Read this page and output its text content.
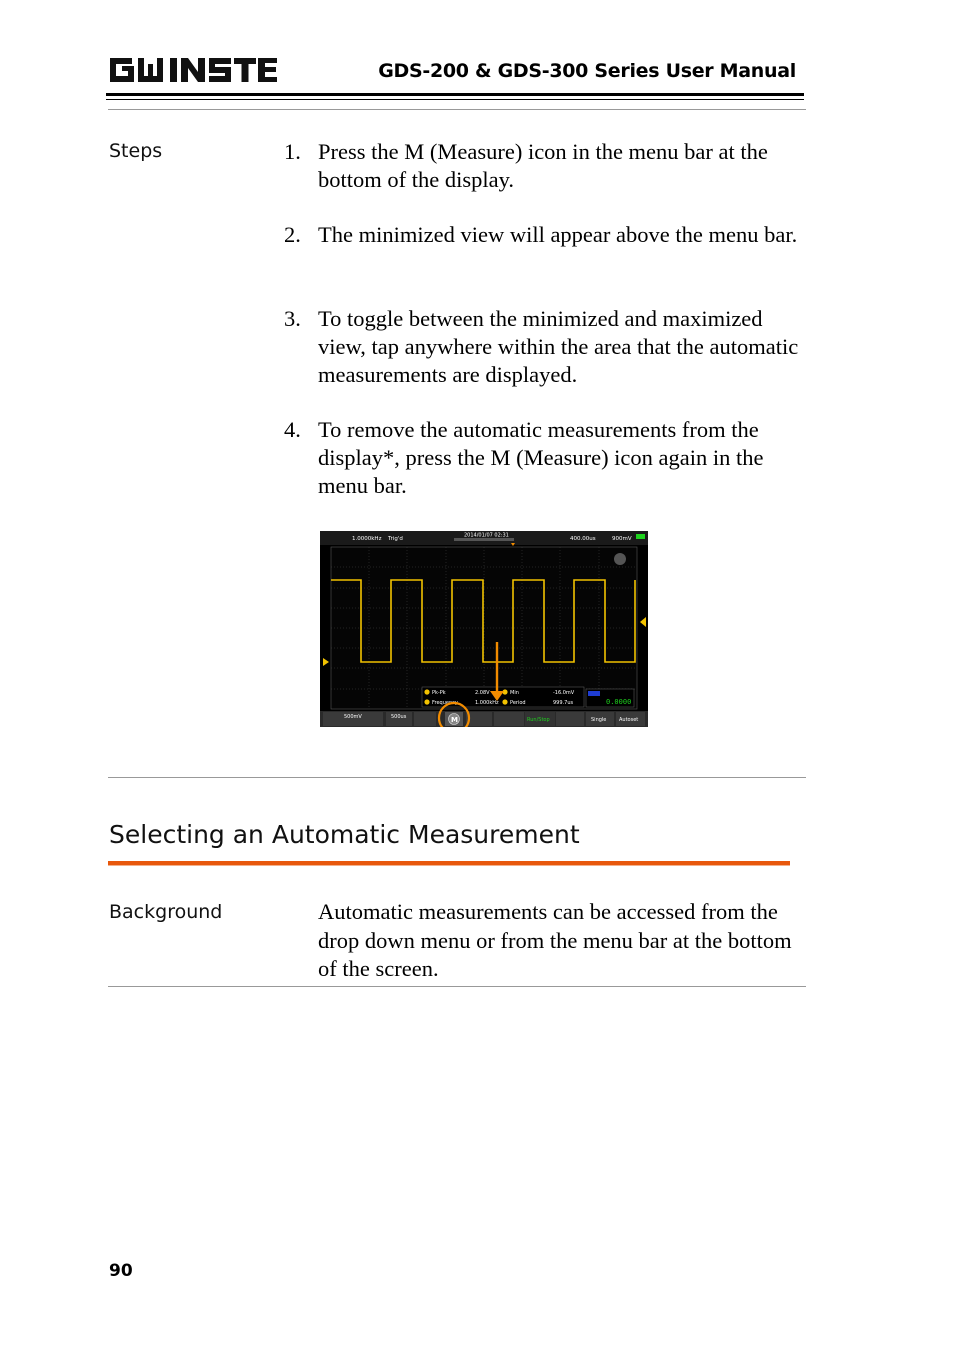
GDS-200 & GDS-300 Series User Manual
Steps	1. Press the M (Measure) icon in the menu bar at the bottom of the display.
2. The minimized view will appear above the menu bar.
3. To toggle between the minimized and maximized view, tap anywhere within the area that the automatic measurements are displayed.
4. To remove the automatic measurements from the display*, press the M (Measure) icon again in the menu bar.
1.0000kHz Trig'd
2014/01/07 02:31
400.00us	900mV
Pk-Pk	2.08V	Min	-16.0mV
Frequency	1.000kHz Period	999.7us	0.0000
500mV	500us	M	Run/Stop	Single	Autoset
Selecting an Automatic Measurement
Background	Automatic measurements can be accessed from the drop down menu or from the menu bar at the bottom of the screen.
90
